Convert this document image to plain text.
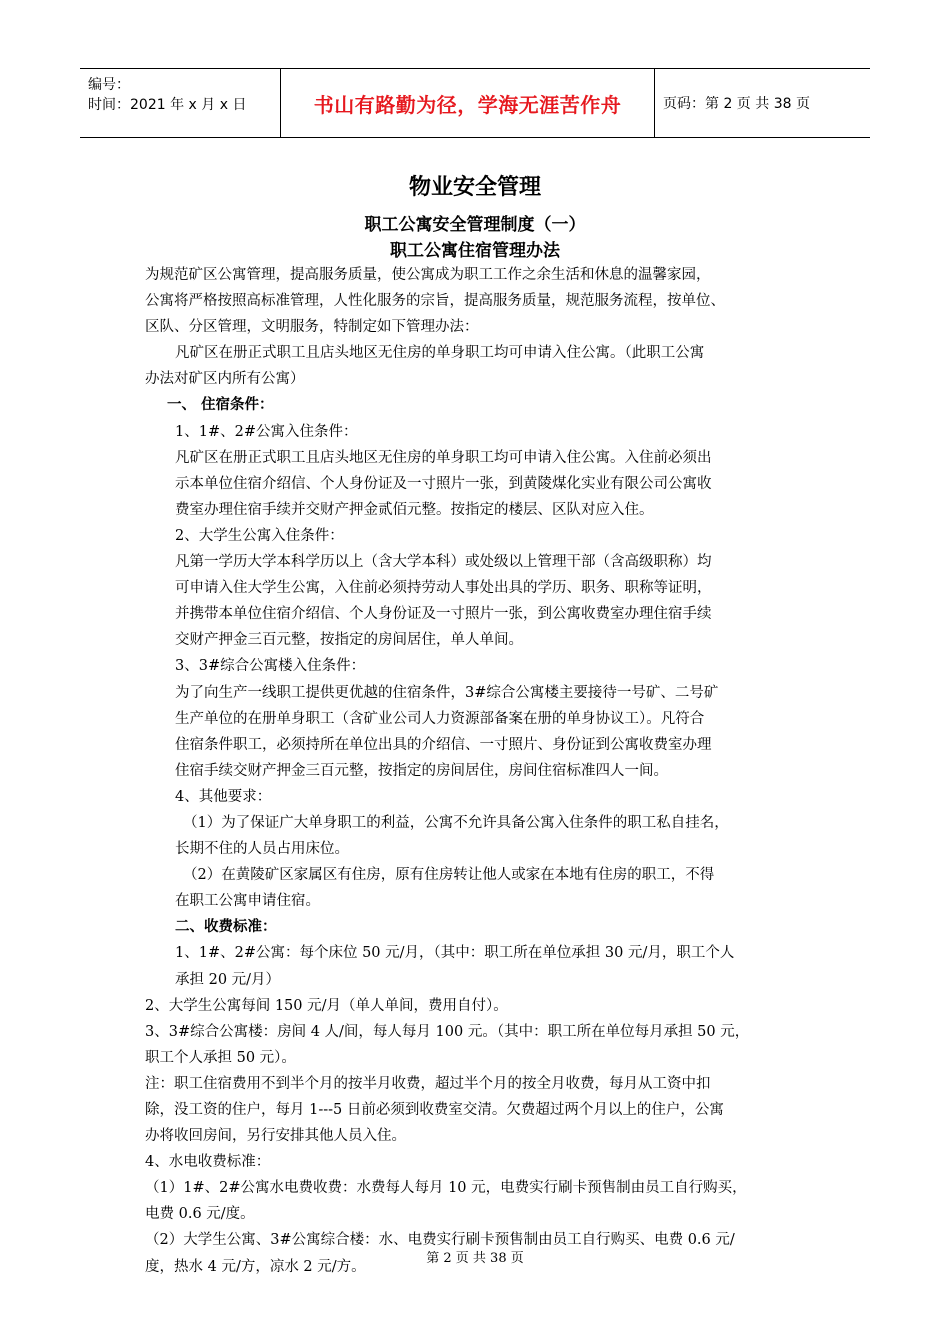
编号：
时间：2021 年 x 月 x 日	书山有路勤为径，学海无涯苦作舟	页码：第 2 页 共 38 页
物业安全管理
职工公寓安全管理制度（一）
职工公寓住宿管理办法

为规范矿区公寓管理，提高服务质量，使公寓成为职工工作之余生活和休息的温馨家园，

公寓将严格按照高标准管理，人性化服务的宗旨，提高服务质量，规范服务流程，按单位、

区队、分区管理，文明服务，特制定如下管理办法：

凡矿区在册正式职工且店头地区无住房的单身职工均可申请入住公寓。（此职工公寓

办法对矿区内所有公寓）

一、 住宿条件：

1、1#、2#公寓入住条件：

凡矿区在册正式职工且店头地区无住房的单身职工均可申请入住公寓。入住前必须出

示本单位住宿介绍信、个人身份证及一寸照片一张，到黄陵煤化实业有限公司公寓收

费室办理住宿手续并交财产押金贰佰元整。按指定的楼层、区队对应入住。

2、大学生公寓入住条件：

凡第一学历大学本科学历以上（含大学本科）或处级以上管理干部（含高级职称）均

可申请入住大学生公寓，入住前必须持劳动人事处出具的学历、职务、职称等证明，

并携带本单位住宿介绍信、个人身份证及一寸照片一张，到公寓收费室办理住宿手续

交财产押金三百元整，按指定的房间居住，单人单间。

3、3#综合公寓楼入住条件：

为了向生产一线职工提供更优越的住宿条件，3#综合公寓楼主要接待一号矿、二号矿

生产单位的在册单身职工（含矿业公司人力资源部备案在册的单身协议工）。凡符合

住宿条件职工，必须持所在单位出具的介绍信、一寸照片、身份证到公寓收费室办理

住宿手续交财产押金三百元整，按指定的房间居住，房间住宿标准四人一间。

4、其他要求：

（1）为了保证广大单身职工的利益，公寓不允许具备公寓入住条件的职工私自挂名，

长期不住的人员占用床位。

（2）在黄陵矿区家属区有住房，原有住房转让他人或家在本地有住房的职工，不得

在职工公寓申请住宿。

二、收费标准：

1、1#、2#公寓：每个床位 50 元/月，（其中：职工所在单位承担 30 元/月，职工个人

承担 20 元/月）

2、大学生公寓每间 150 元/月（单人单间，费用自付）。

3、3#综合公寓楼：房间 4 人/间，每人每月 100 元。（其中：职工所在单位每月承担 50 元，

职工个人承担 50 元）。

注：职工住宿费用不到半个月的按半月收费，超过半个月的按全月收费，每月从工资中扣

除，没工资的住户，每月 1---5 日前必须到收费室交清。欠费超过两个月以上的住户，公寓

办将收回房间，另行安排其他人员入住。

4、水电收费标准：

（1）1#、2#公寓水电费收费：水费每人每月 10 元，电费实行刷卡预售制由员工自行购买，

电费 0.6 元/度。

（2）大学生公寓、3#公寓综合楼：水、电费实行刷卡预售制由员工自行购买、电费 0.6 元/

度，热水 4 元/方，凉水 2 元/方。

第 2 页 共 38 页
